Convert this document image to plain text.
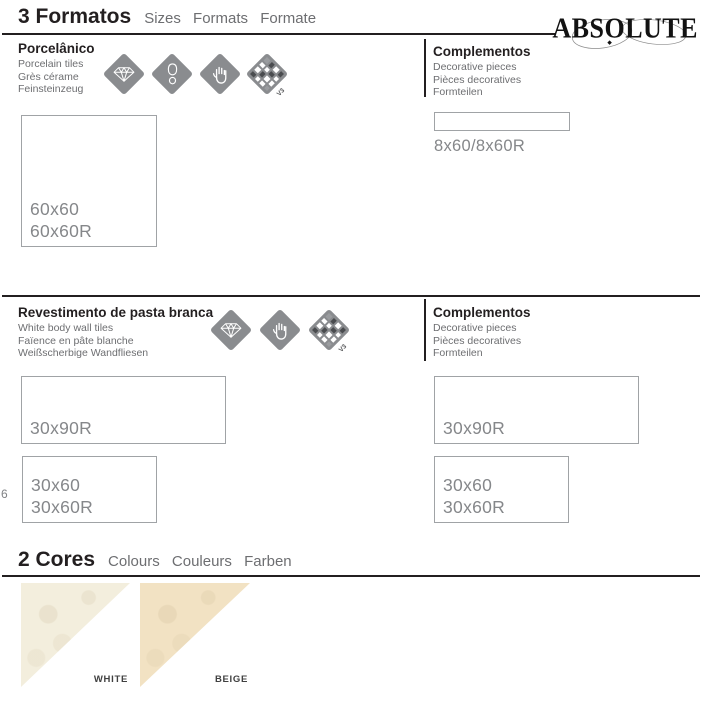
3 Formatos Sizes Formats Formate	ABSOLUTE
Porcelânico
Porcelain tiles
Grès cérame
Feinsteinzeug	R	V3
Complementos
Decorative pieces
Pièces decoratives
Formteilen
60x60
60x60R
8x60/8x60R
Revestimento de pasta branca
White body wall tiles
Faïence en pâte blanche
Weißscherbige Wandfliesen
R	V3
Complementos
Decorative pieces
Pièces decoratives
Formteilen
30x90R
30x60
30x60R
30x90R
30x60
30x60R
6
2 Cores Colours Couleurs Farben
WHITE	BEIGE
